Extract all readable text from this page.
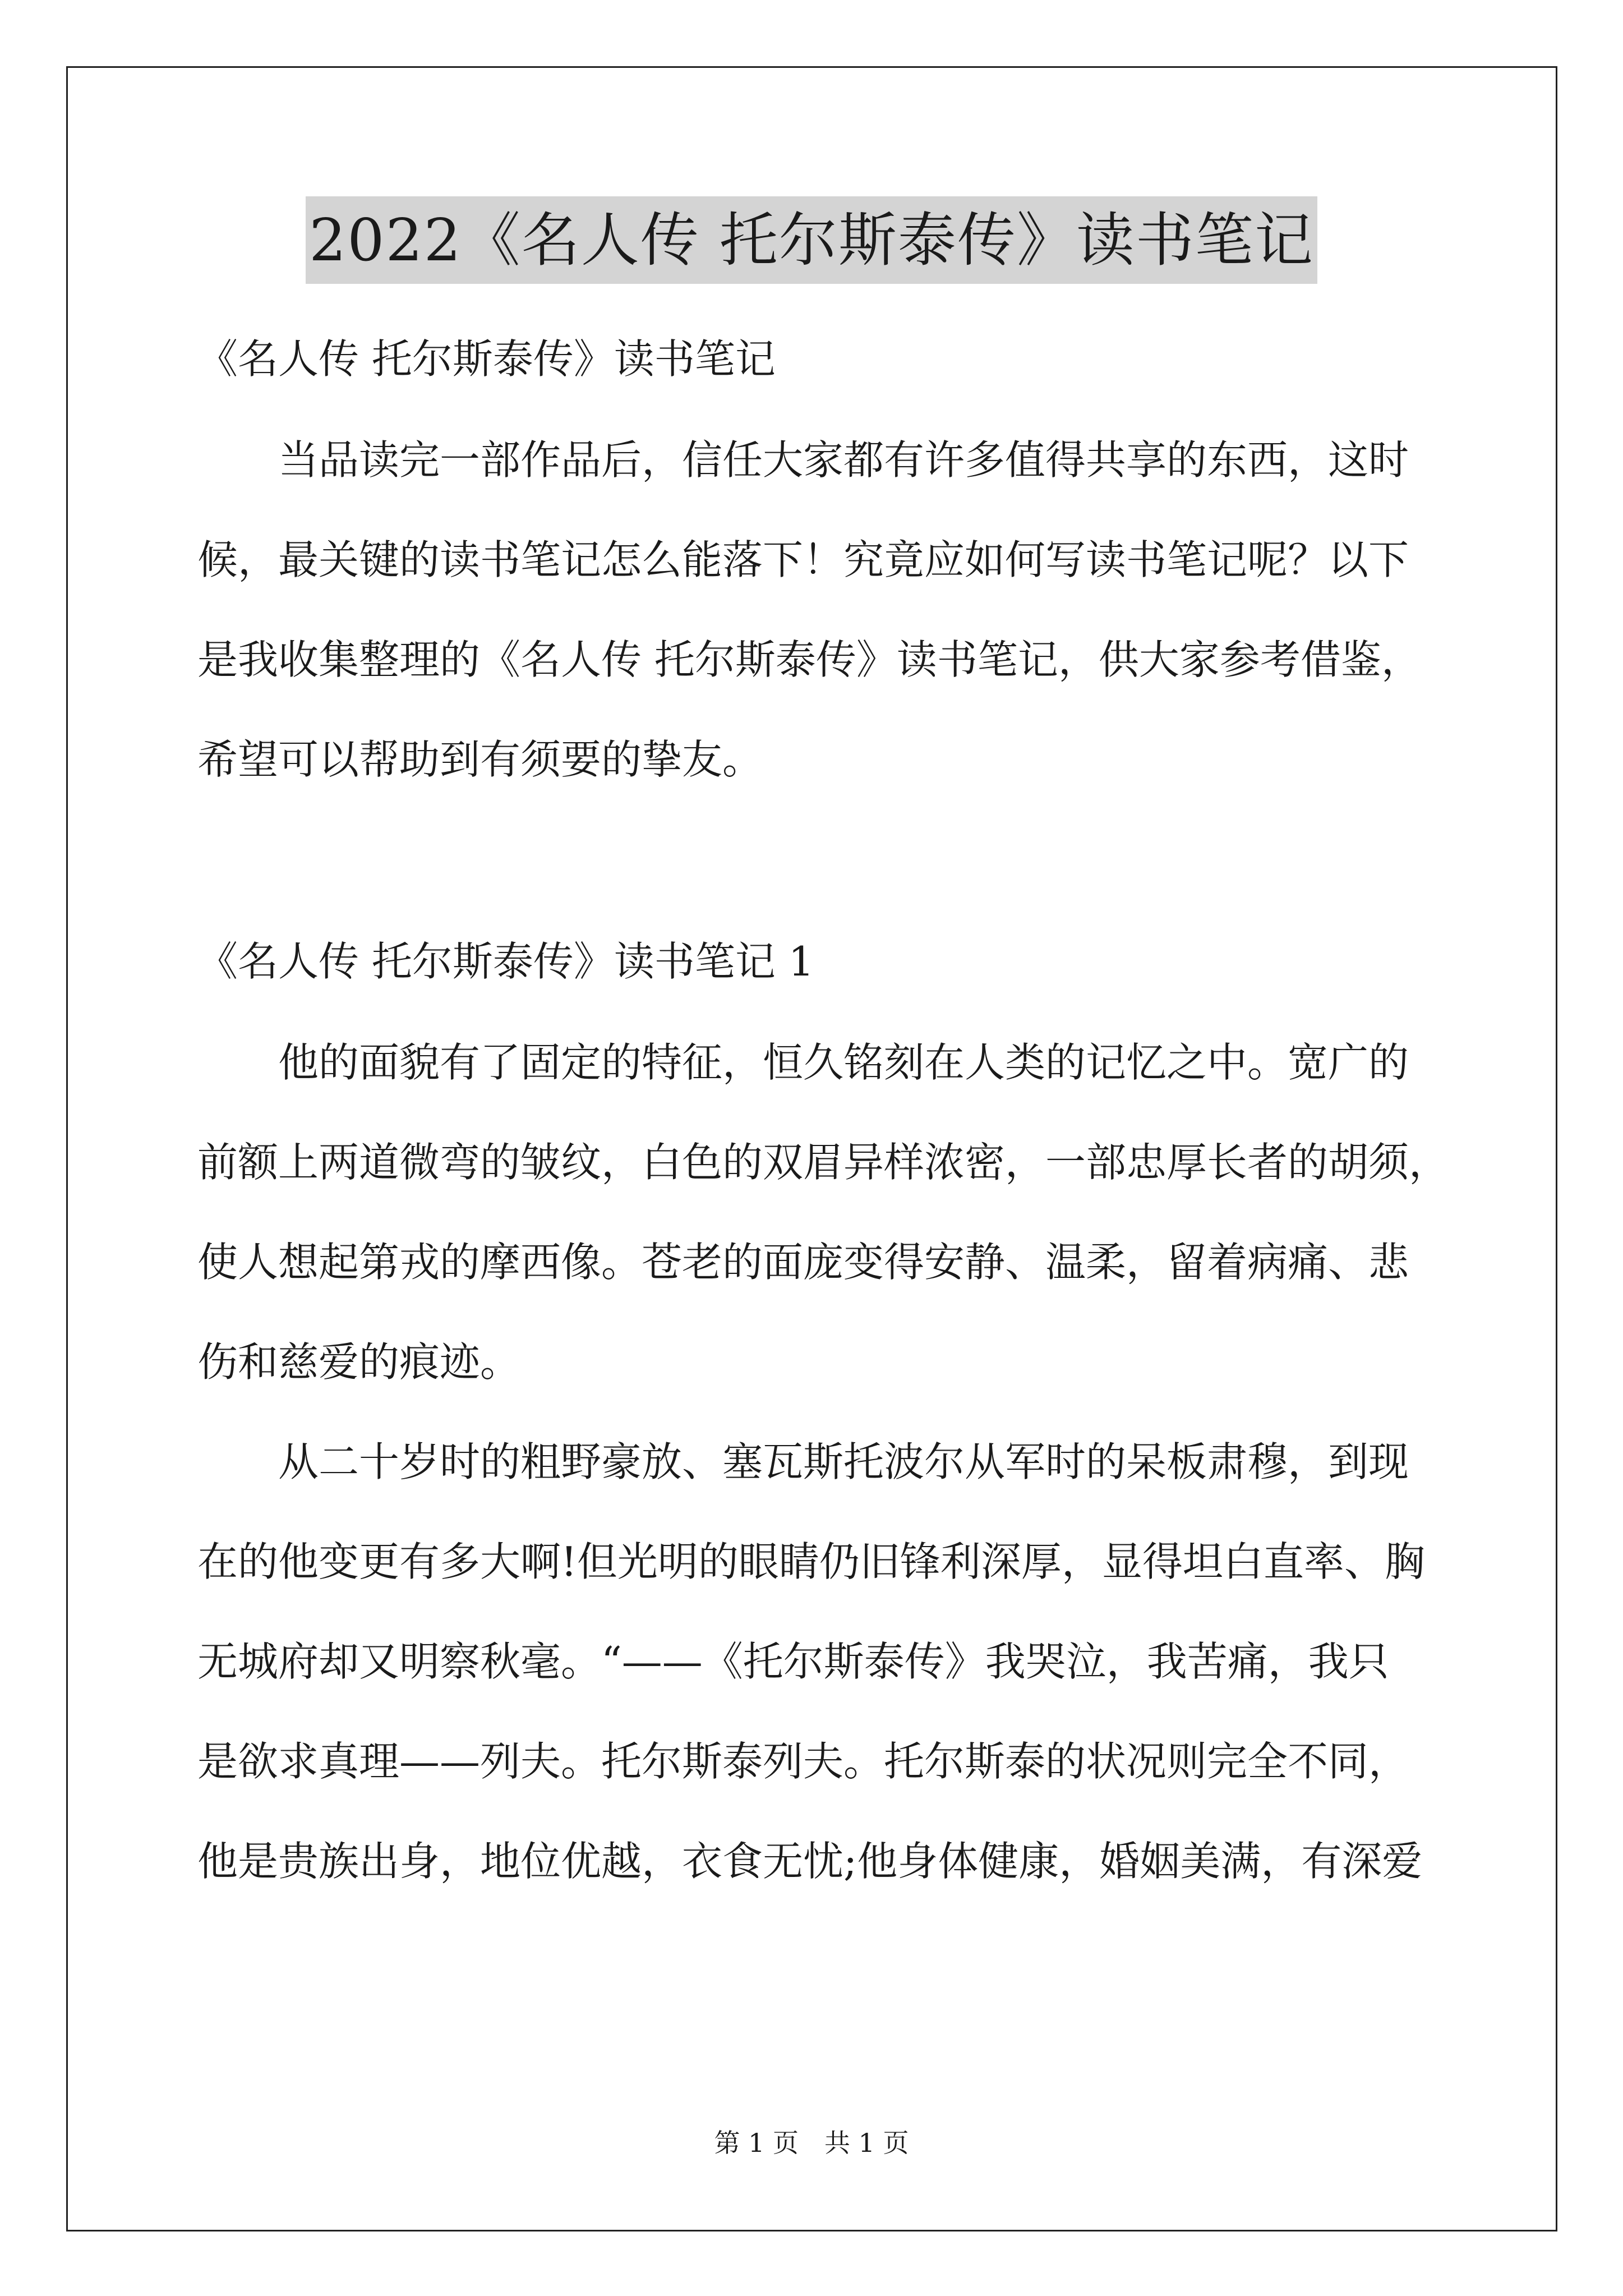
2022《名人传 托尔斯泰传》读书笔记

《名人传 托尔斯泰传》读书笔记

当品读完一部作品后，信任大家都有许多值得共享的东西，这时
候，最关键的读书笔记怎么能落下！究竟应如何写读书笔记呢？以下
是我收集整理的《名人传 托尔斯泰传》读书笔记，供大家参考借鉴，
希望可以帮助到有须要的挚友。

《名人传 托尔斯泰传》读书笔记 1

他的面貌有了固定的特征，恒久铭刻在人类的记忆之中。宽广的
前额上两道微弯的皱纹，白色的双眉异样浓密，一部忠厚长者的胡须，
使人想起第戎的摩西像。苍老的面庞变得安静、温柔，留着病痛、悲
伤和慈爱的痕迹。
从二十岁时的粗野豪放、塞瓦斯托波尔从军时的呆板肃穆，到现
在的他变更有多大啊!但光明的眼睛仍旧锋利深厚，显得坦白直率、胸
无城府却又明察秋毫。“——《托尔斯泰传》我哭泣，我苦痛，我只
是欲求真理——列夫。托尔斯泰列夫。托尔斯泰的状况则完全不同，
他是贵族出身，地位优越，衣食无忧;他身体健康，婚姻美满，有深爱
第 1 页　共 1 页
